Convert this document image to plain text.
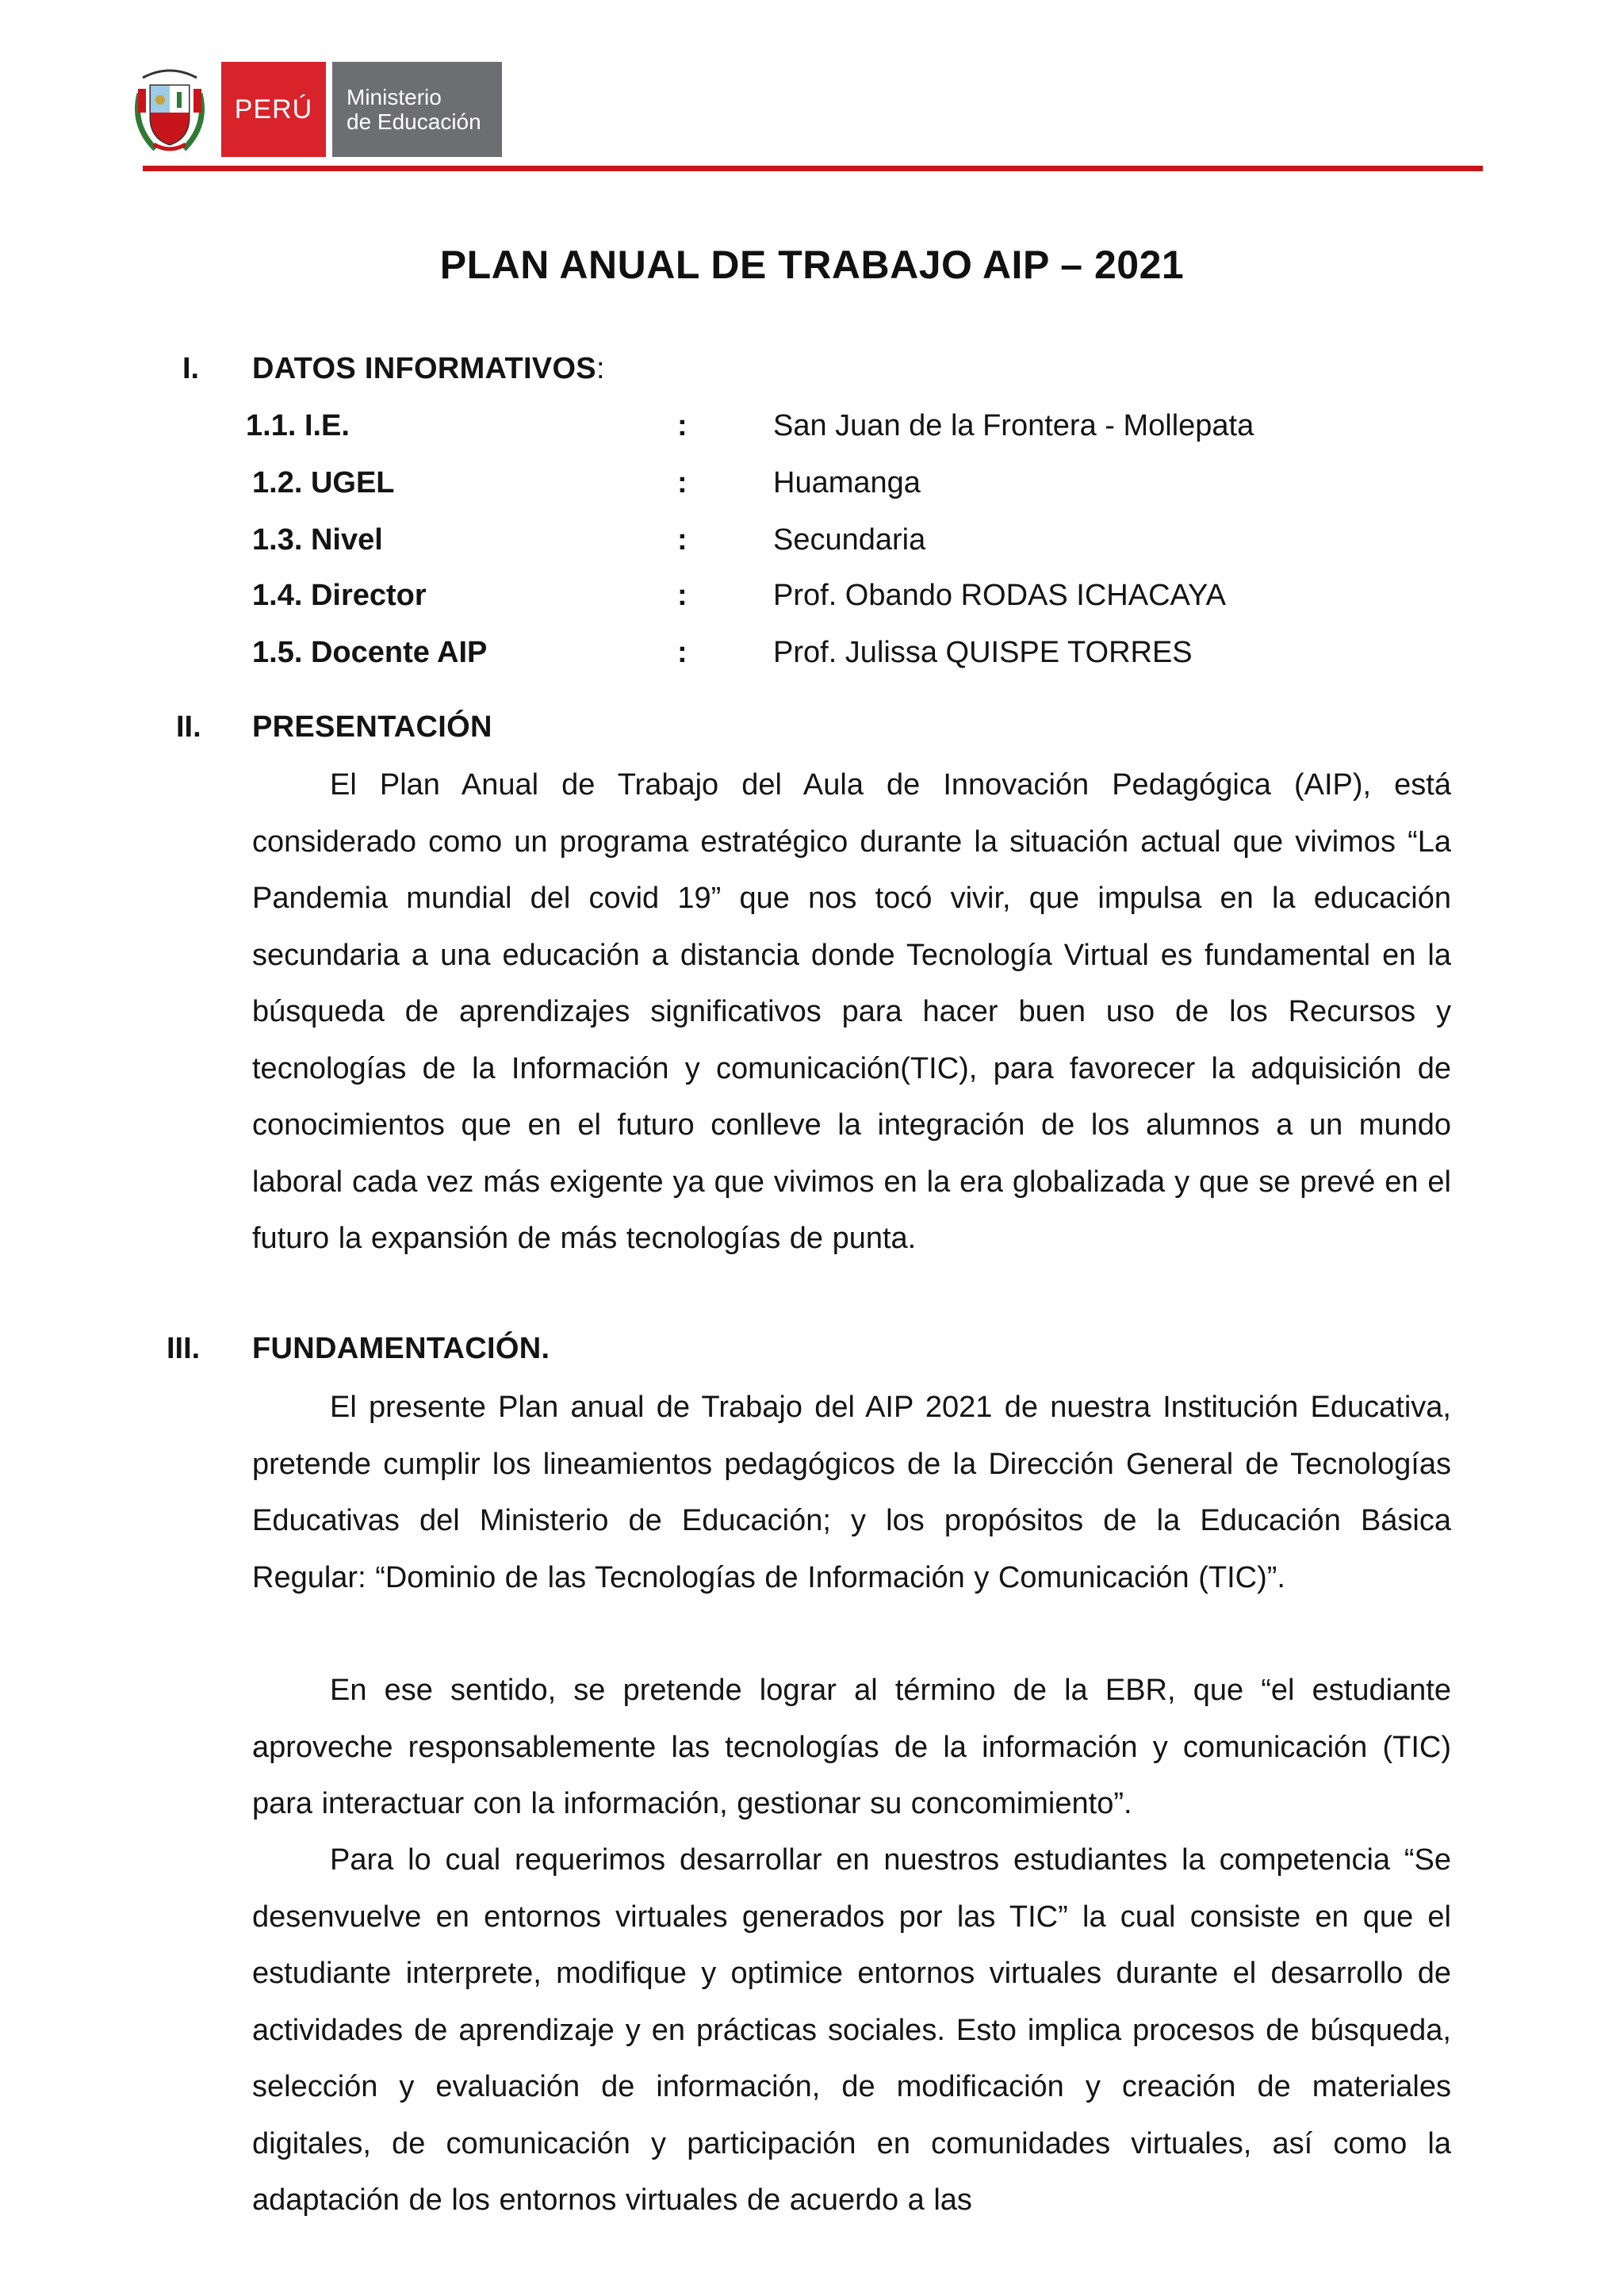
PERÚ Ministerio
de Educación
PLAN ANUAL DE TRABAJO AIP – 2021
I. DATOS INFORMATIVOS:
1.1. I.E.	:	San Juan de la Frontera - Mollepata
1.2. UGEL	:	Huamanga
1.3. Nivel	:	Secundaria
1.4. Director	:	Prof. Obando RODAS ICHACAYA
1.5. Docente AIP	:	Prof. Julissa QUISPE TORRES
II. PRESENTACIÓN
El Plan Anual de Trabajo del Aula de Innovación Pedagógica (AIP), está considerado como un programa estratégico durante la situación actual que vivimos “La Pandemia mundial del covid 19” que nos tocó vivir, que impulsa en la educación secundaria a una educación a distancia donde Tecnología Virtual es fundamental en la búsqueda de aprendizajes significativos para hacer buen uso de los Recursos y tecnologías de la Información y comunicación(TIC), para favorecer la adquisición de conocimientos que en el futuro conlleve la integración de los alumnos a un mundo laboral cada vez más exigente ya que vivimos en la era globalizada y que se prevé en el futuro la expansión de más tecnologías de punta.
III. FUNDAMENTACIÓN.
El presente Plan anual de Trabajo del AIP 2021 de nuestra Institución Educativa, pretende cumplir los lineamientos pedagógicos de la Dirección General de Tecnologías Educativas del Ministerio de Educación; y los propósitos de la Educación Básica Regular: “Dominio de las Tecnologías de Información y Comunicación (TIC)”.
En ese sentido, se pretende lograr al término de la EBR, que “el estudiante aproveche responsablemente las tecnologías de la información y comunicación (TIC) para interactuar con la información, gestionar su concomimiento”.
Para lo cual requerimos desarrollar en nuestros estudiantes la competencia “Se desenvuelve en entornos virtuales generados por las TIC” la cual consiste en que el estudiante interprete, modifique y optimice entornos virtuales durante el desarrollo de actividades de aprendizaje y en prácticas sociales. Esto implica procesos de búsqueda, selección y evaluación de información, de modificación y creación de materiales digitales, de comunicación y participación en comunidades virtuales, así como la adaptación de los entornos virtuales de acuerdo a las
